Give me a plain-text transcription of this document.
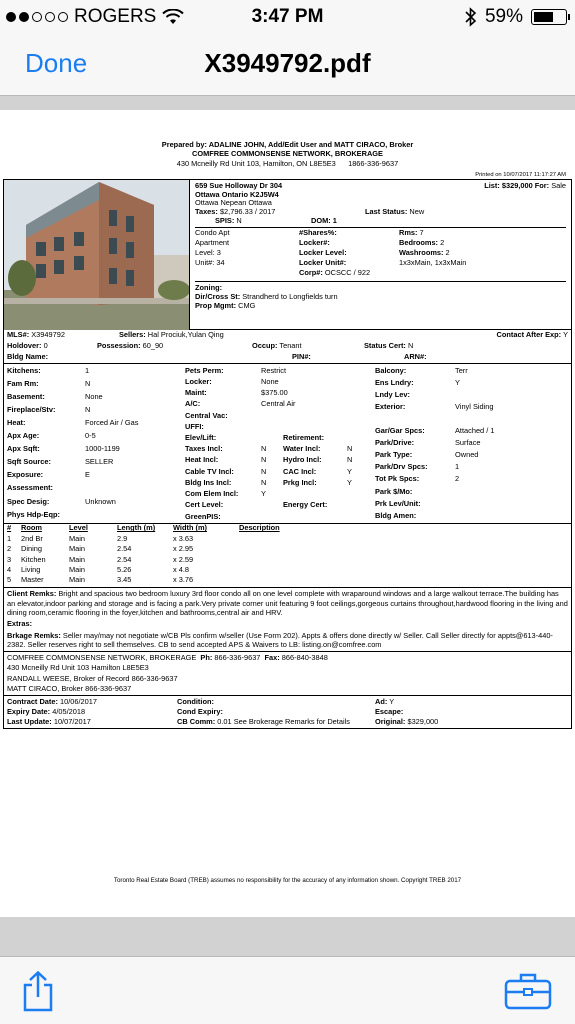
ROGERS	3:47 PM	59%
Done	X3949792.pdf
Prepared by: ADALINE JOHN, Add/Edit User and MATT CIRACO, Broker
COMFREE COMMONSENSE NETWORK, BROKERAGE
430 Mcneilly Rd Unit 103, Hamilton, ON L8E5E3 1866-336-9637
Printed on 10/07/2017 11:17:27 AM
659 Sue Holloway Dr 304	List: $329,000 For: Sale
Ottawa Ontario K2J5W4
Ottawa Nepean Ottawa
Taxes: $2,796.33 / 2017	Last Status: New
SPIS: N	DOM: 1
Condo Apt	#Shares%:	Rms: 7
Apartment	Locker#:	Bedrooms: 2
Level: 3	Locker Level:	Washrooms: 2
Unit#: 34	Locker Unit#:	1x3xMain, 1x3xMain
Corp#: OCSCC / 922
Zoning:
Dir/Cross St: Strandherd to Longfields turn
Prop Mgmt: CMG
MLS#: X3949792	Sellers: Hal Prociuk,Yulan Qing	Contact After Exp: Y
Holdover: 0	Possession: 60_90	Occup: Tenant	Status Cert: N
Bldg Name:	PIN#:	ARN#:
Kitchens:	1
Fam Rm:	N
Basement:	None
Fireplace/Stv:	N
Heat:	Forced Air / Gas
Apx Age:	0-5
Apx Sqft:	1000-1199
Sqft Source:	SELLER
Exposure:	E
Assessment:
Spec Desig:	Unknown
Phys Hdp-Eqp:
Pets Perm:	Restrict
Locker:	None
Maint:	$375.00
A/C:	Central Air
Central Vac:
UFFI:
Elev/Lift:	Retirement:
Taxes Incl:	N	Water Incl:	N
Heat Incl:	N	Hydro Incl:	N
Cable TV Incl:	N	CAC Incl:	Y
Bldg Ins Incl:	N	Prkg Incl:	Y
Com Elem Incl:	Y
Cert Level:	Energy Cert:
GreenPIS:
Balcony:	Terr
Ens Lndry:	Y
Lndy Lev:
Exterior:	Vinyl Siding
Gar/Gar Spcs:	Attached / 1
Park/Drive:	Surface
Park Type:	Owned
Park/Drv Spcs:	1
Tot Pk Spcs:	2
Park $/Mo:
Prk Lev/Unit:
Bldg Amen:
#	Room	Level	Length (m)	Width (m)	Description
1	2nd Br	Main	2.9	x 3.63	
2	Dining	Main	2.54	x 2.95	
3	Kitchen	Main	2.54	x 2.59	
4	Living	Main	5.26	x 4.8	
5	Master	Main	3.45	x 3.76	
Client Remks: Bright and spacious two bedroom luxury 3rd floor condo all on one level complete with wraparound windows and a large walkout terrace.The building has an elevator,indoor parking and storage and is facing a park.Very private corner unit featuring 9 foot ceilings,gorgeous curtains throughout,hardwood flooring in the living and dining room,ceramic flooring in the foyer,kitchen and bathrooms,central air and HRV.
Extras:
Brkage Remks: Seller may/may not negotiate w/CB Pls confirm w/seller (Use Form 202). Appts & offers done directly w/ Seller. Call Seller directly for appts@613-440-2382. Seller reserves right to sell themselves. CB to send accepted APS & Waivers to LB: listing.on@comfree.com
COMFREE COMMONSENSE NETWORK, BROKERAGE Ph: 866-336-9637 Fax: 866-840-3848
430 Mcneilly Rd Unit 103 Hamilton L8E5E3
RANDALL WEESE, Broker of Record 866-336-9637
MATT CIRACO, Broker 866-336-9637
Contract Date: 10/06/2017	Condition:	Ad: Y
Expiry Date: 4/05/2018	Cond Expiry:	Escape:
Last Update: 10/07/2017	CB Comm: 0.01 See Brokerage Remarks for Details	Original: $329,000
Toronto Real Estate Board (TREB) assumes no responsibility for the accuracy of any information shown. Copyright TREB 2017
